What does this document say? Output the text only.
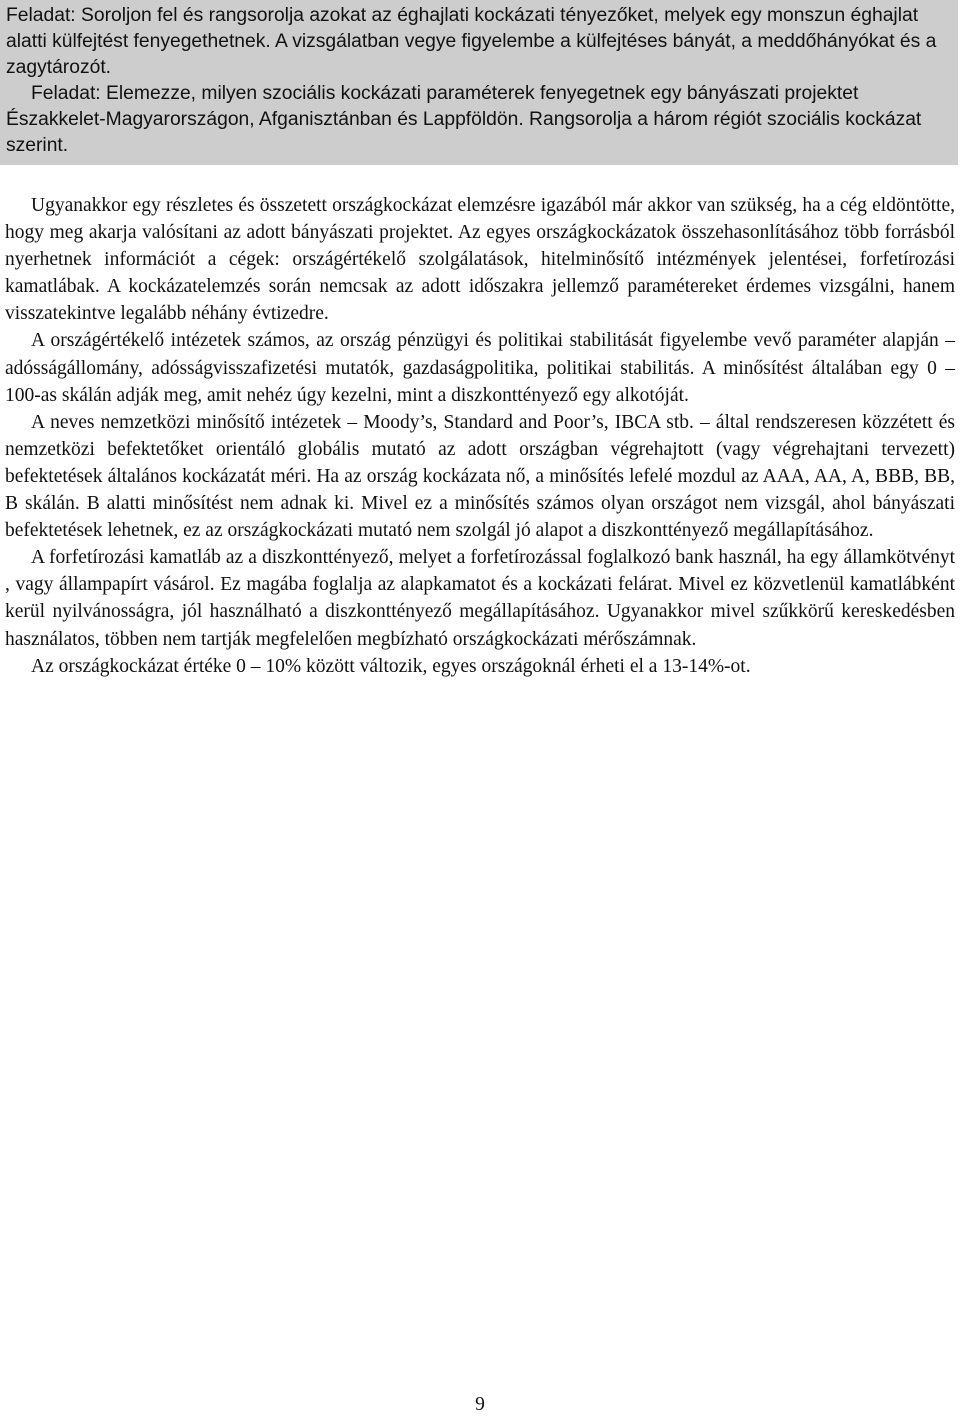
Feladat: Soroljon fel és rangsorolja azokat az éghajlati kockázati tényezőket, melyek egy monszun éghajlat alatti külfejtést fenyegethetnek. A vizsgálatban vegye figyelembe a külfejtéses bányát, a meddőhányókat és a zagytározót.

Feladat: Elemezze, milyen szociális kockázati paraméterek fenyegetnek egy bányászati projektet Északkelet-Magyarországon, Afganisztánban és Lappföldön. Rangsorolja a három régiót szociális kockázat szerint.

Ugyanakkor egy részletes és összetett országkockázat elemzésre igazából már akkor van szükség, ha a cég eldöntötte, hogy meg akarja valósítani az adott bányászati projektet. Az egyes országkockázatok összehasonlításához több forrásból nyerhetnek információt a cégek: országértékelő szolgálatások, hitelminősítő intézmények jelentései, forfetírozási kamatlábak. A kockázatelemzés során nemcsak az adott időszakra jellemző paramétereket érdemes vizsgálni, hanem visszatekintve legalább néhány évtizedre.

A országértékelő intézetek számos, az ország pénzügyi és politikai stabilitását figyelembe vevő paraméter alapján – adósságállomány, adósságvisszafizetési mutatók, gazdaságpolitika, politikai stabilitás. A minősítést általában egy 0 – 100-as skálán adják meg, amit nehéz úgy kezelni, mint a diszkonttényező egy alkotóját.

A neves nemzetközi minősítő intézetek – Moody’s, Standard and Poor’s, IBCA stb. – által rendszeresen közzétett és nemzetközi befektetőket orientáló globális mutató az adott országban végrehajtott (vagy végrehajtani tervezett) befektetések általános kockázatát méri. Ha az ország kockázata nő, a minősítés lefelé mozdul az AAA, AA, A, BBB, BB, B skálán. B alatti minősítést nem adnak ki. Mivel ez a minősítés számos olyan országot nem vizsgál, ahol bányászati befektetések lehetnek, ez az országkockázati mutató nem szolgál jó alapot a diszkonttényező megállapításához.

A forfetírozási kamatláb az a diszkonttényező, melyet a forfetírozással foglalkozó bank használ, ha egy államkötvényt , vagy állampapírt vásárol. Ez magába foglalja az alapkamatot és a kockázati felárat. Mivel ez közvetlenül kamatlábként kerül nyilvánosságra, jól használható a diszkonttényező megállapításához. Ugyanakkor mivel szűkkörű kereskedésben használatos, többen nem tartják megfelelően megbízható országkockázati mérőszámnak.

Az országkockázat értéke 0 – 10% között változik, egyes országoknál érheti el a 13-14%-ot.

9
